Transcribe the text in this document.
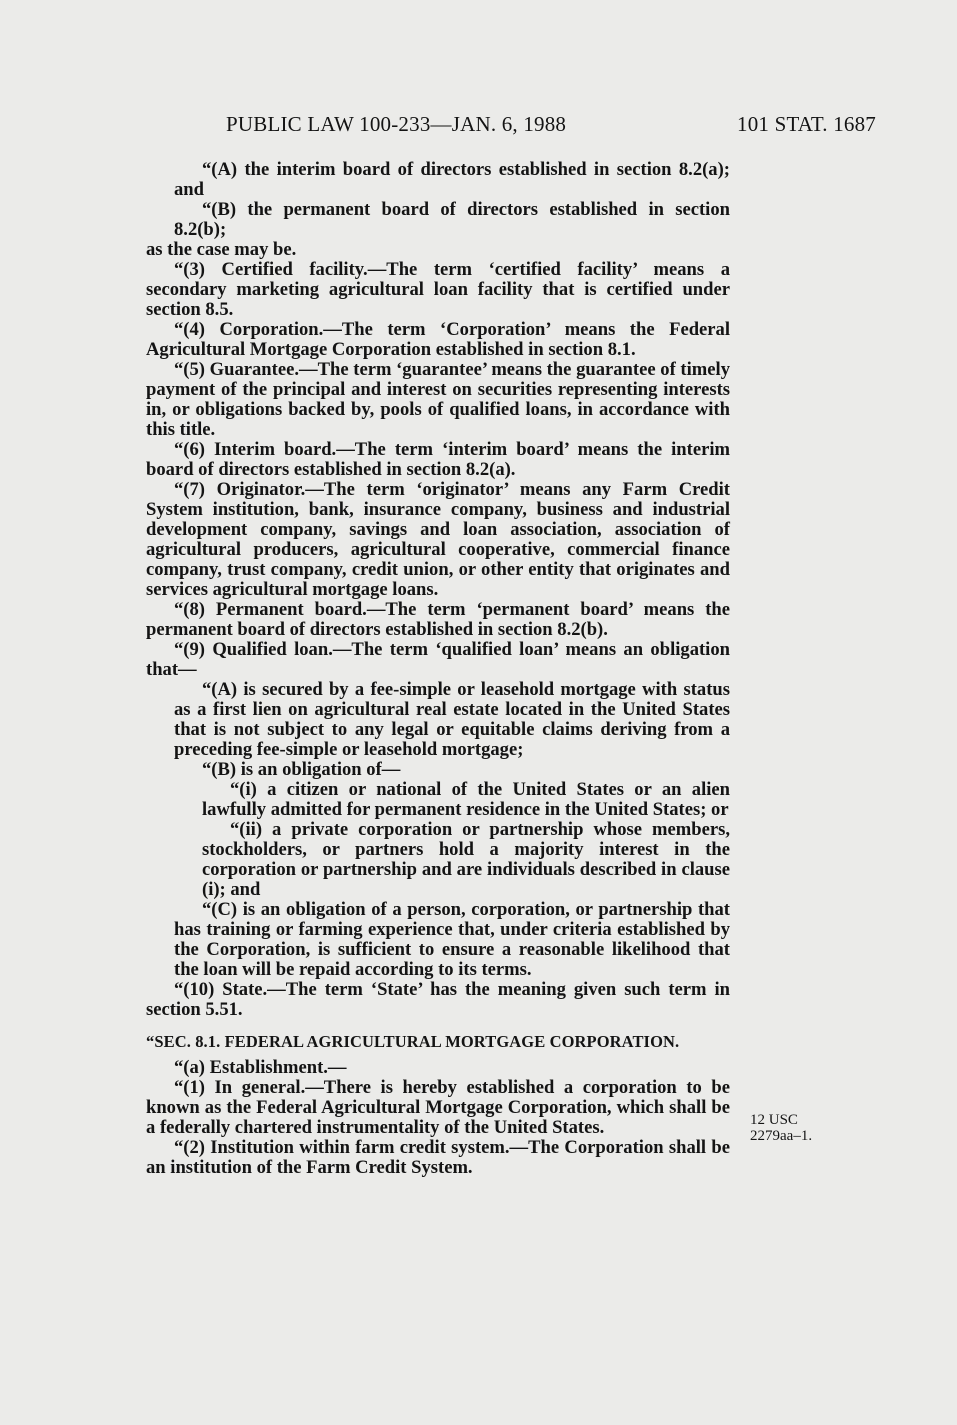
PUBLIC LAW 100-233—JAN. 6, 1988	101 STAT. 1687

“(A) the interim board of directors established in section 8.2(a); and

“(B) the permanent board of directors established in section 8.2(b);

as the case may be.

“(3) Certified facility.—The term ‘certified facility’ means a secondary marketing agricultural loan facility that is certified under section 8.5.

“(4) Corporation.—The term ‘Corporation’ means the Federal Agricultural Mortgage Corporation established in section 8.1.

“(5) Guarantee.—The term ‘guarantee’ means the guarantee of timely payment of the principal and interest on securities representing interests in, or obligations backed by, pools of qualified loans, in accordance with this title.

“(6) Interim board.—The term ‘interim board’ means the interim board of directors established in section 8.2(a).

“(7) Originator.—The term ‘originator’ means any Farm Credit System institution, bank, insurance company, business and industrial development company, savings and loan association, association of agricultural producers, agricultural cooperative, commercial finance company, trust company, credit union, or other entity that originates and services agricultural mortgage loans.

“(8) Permanent board.—The term ‘permanent board’ means the permanent board of directors established in section 8.2(b).

“(9) Qualified loan.—The term ‘qualified loan’ means an obligation that—

“(A) is secured by a fee-simple or leasehold mortgage with status as a first lien on agricultural real estate located in the United States that is not subject to any legal or equitable claims deriving from a preceding fee-simple or leasehold mortgage;

“(B) is an obligation of—

“(i) a citizen or national of the United States or an alien lawfully admitted for permanent residence in the United States; or

“(ii) a private corporation or partnership whose members, stockholders, or partners hold a majority interest in the corporation or partnership and are individuals described in clause (i); and

“(C) is an obligation of a person, corporation, or partnership that has training or farming experience that, under criteria established by the Corporation, is sufficient to ensure a reasonable likelihood that the loan will be repaid according to its terms.

“(10) State.—The term ‘State’ has the meaning given such term in section 5.51.

“SEC. 8.1. FEDERAL AGRICULTURAL MORTGAGE CORPORATION.

“(a) Establishment.—

“(1) In general.—There is hereby established a corporation to be known as the Federal Agricultural Mortgage Corporation, which shall be a federally chartered instrumentality of the United States.

“(2) Institution within farm credit system.—The Corporation shall be an institution of the Farm Credit System.

12 USC
2279aa–1.
